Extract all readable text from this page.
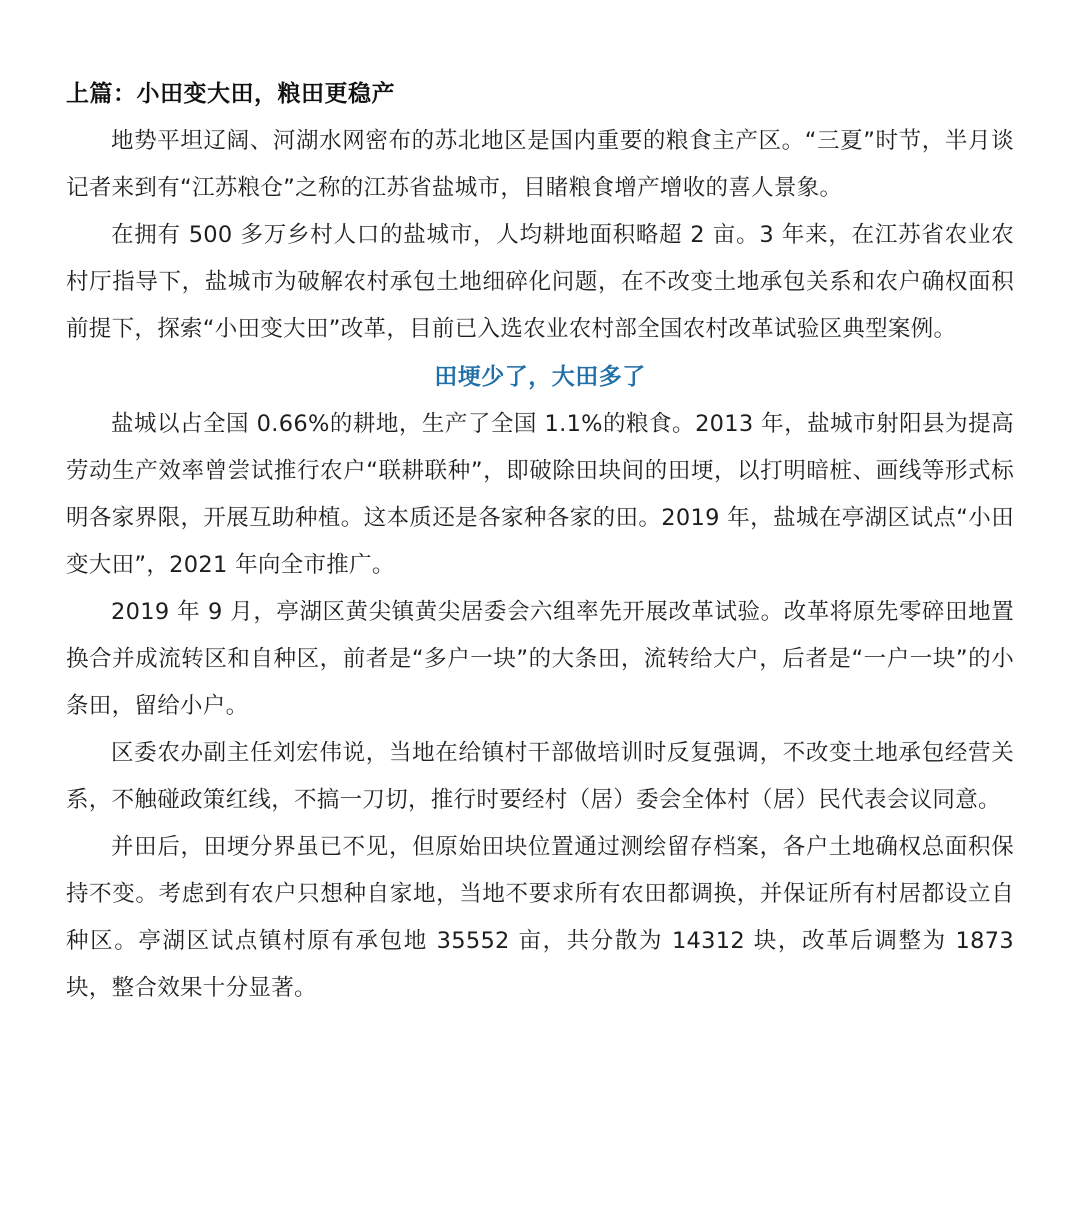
上篇：小田变大田，粮田更稳产

地势平坦辽阔、河湖水网密布的苏北地区是国内重要的粮食主产区。“三夏”时节，半月谈记者来到有“江苏粮仓”之称的江苏省盐城市，目睹粮食增产增收的喜人景象。

在拥有 500 多万乡村人口的盐城市，人均耕地面积略超 2 亩。3 年来，在江苏省农业农村厅指导下，盐城市为破解农村承包土地细碎化问题，在不改变土地承包关系和农户确权面积前提下，探索“小田变大田”改革，目前已入选农业农村部全国农村改革试验区典型案例。

田埂少了，大田多了

盐城以占全国 0.66%的耕地，生产了全国 1.1%的粮食。2013 年，盐城市射阳县为提高劳动生产效率曾尝试推行农户“联耕联种”，即破除田块间的田埂，以打明暗桩、画线等形式标明各家界限，开展互助种植。这本质还是各家种各家的田。2019 年，盐城在亭湖区试点“小田变大田”，2021 年向全市推广。

2019 年 9 月，亭湖区黄尖镇黄尖居委会六组率先开展改革试验。改革将原先零碎田地置换合并成流转区和自种区，前者是“多户一块”的大条田，流转给大户，后者是“一户一块”的小条田，留给小户。

区委农办副主任刘宏伟说，当地在给镇村干部做培训时反复强调，不改变土地承包经营关系，不触碰政策红线，不搞一刀切，推行时要经村（居）委会全体村（居）民代表会议同意。

并田后，田埂分界虽已不见，但原始田块位置通过测绘留存档案，各户土地确权总面积保持不变。考虑到有农户只想种自家地，当地不要求所有农田都调换，并保证所有村居都设立自种区。亭湖区试点镇村原有承包地 35552 亩，共分散为 14312 块，改革后调整为 1873 块，整合效果十分显著。
